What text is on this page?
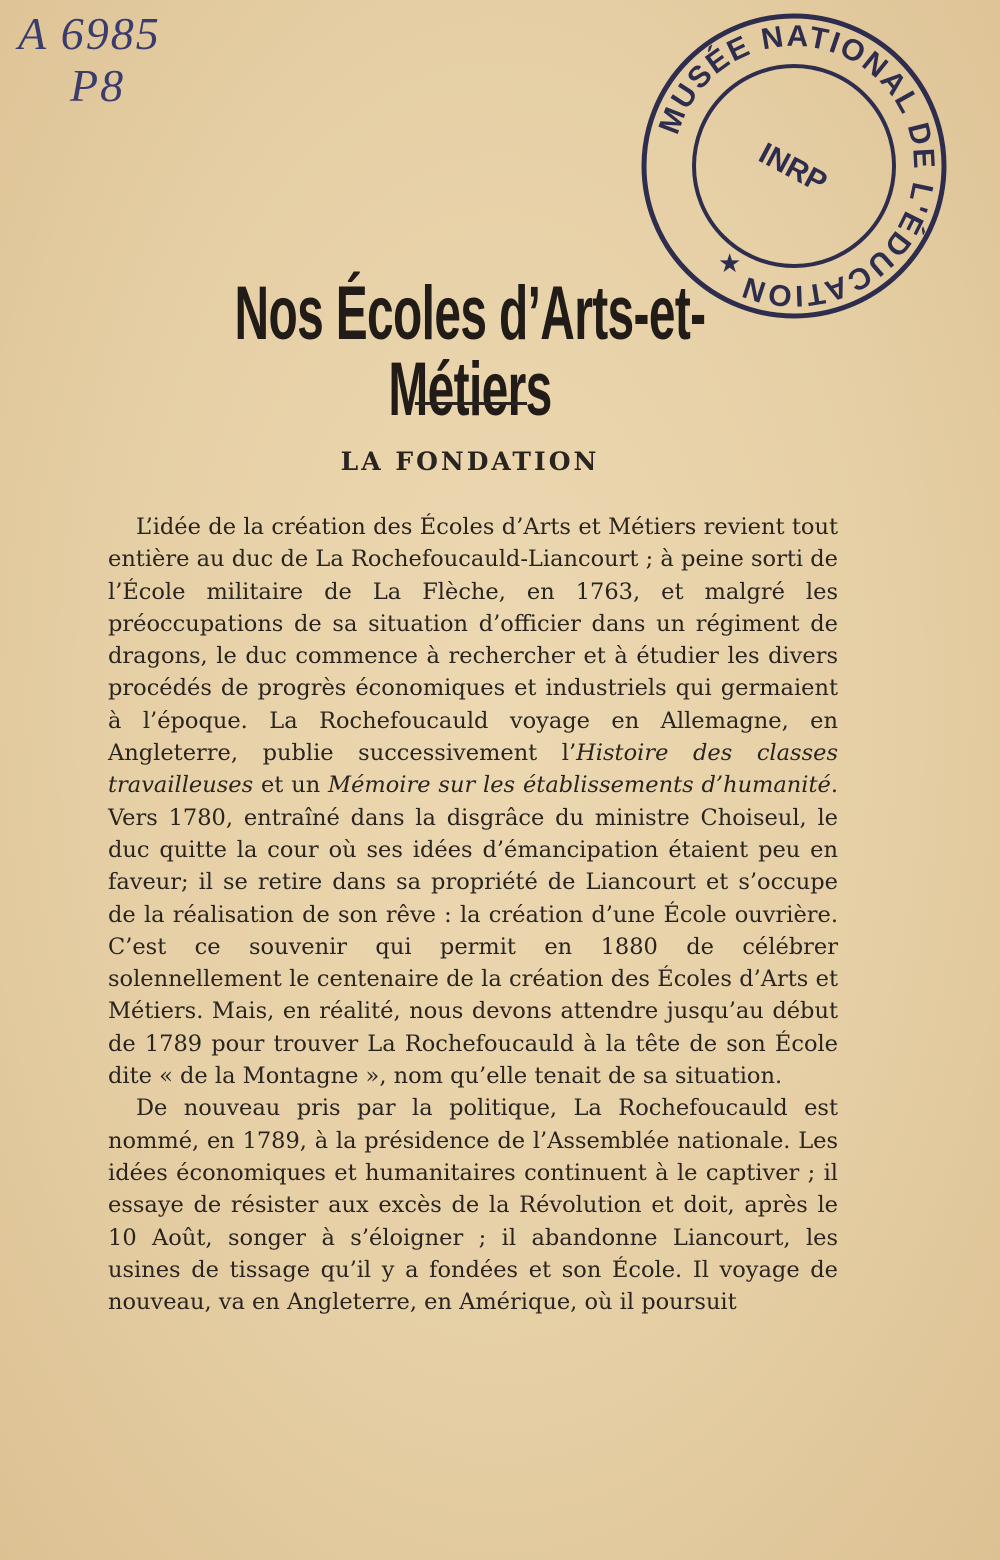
A 6985
P8
MUSÉE NATIONAL DE L'ÉDUCATION
INRP
★
Nos Écoles d’Arts-et-Métiers
LA FONDATION

L’idée de la création des Écoles d’Arts et Métiers revient tout entière au duc de La Rochefoucauld-Liancourt ; à peine sorti de l’École militaire de La Flèche, en 1763, et malgré les préoccupations de sa situation d’officier dans un régiment de dragons, le duc commence à rechercher et à étudier les divers procédés de progrès économiques et industriels qui germaient à l’époque. La Rochefoucauld voyage en Allemagne, en Angleterre, publie successivement l’Histoire des classes travailleuses et un Mémoire sur les établissements d’humanité. Vers 1780, entraîné dans la disgrâce du ministre Choiseul, le duc quitte la cour où ses idées d’émancipation étaient peu en faveur; il se retire dans sa propriété de Liancourt et s’occupe de la réalisation de son rêve : la création d’une École ouvrière. C’est ce souvenir qui permit en 1880 de célébrer solennellement le centenaire de la création des Écoles d’Arts et Métiers. Mais, en réalité, nous devons attendre jusqu’au début de 1789 pour trouver La Rochefoucauld à la tête de son École dite « de la Montagne », nom qu’elle tenait de sa situation.

De nouveau pris par la politique, La Rochefoucauld est nommé, en 1789, à la présidence de l’Assemblée nationale. Les idées économiques et humanitaires continuent à le captiver ; il essaye de résister aux excès de la Révolution et doit, après le 10 Août, songer à s’éloigner ; il abandonne Liancourt, les usines de tissage qu’il y a fondées et son École. Il voyage de nouveau, va en Angleterre, en Amérique, où il poursuit
